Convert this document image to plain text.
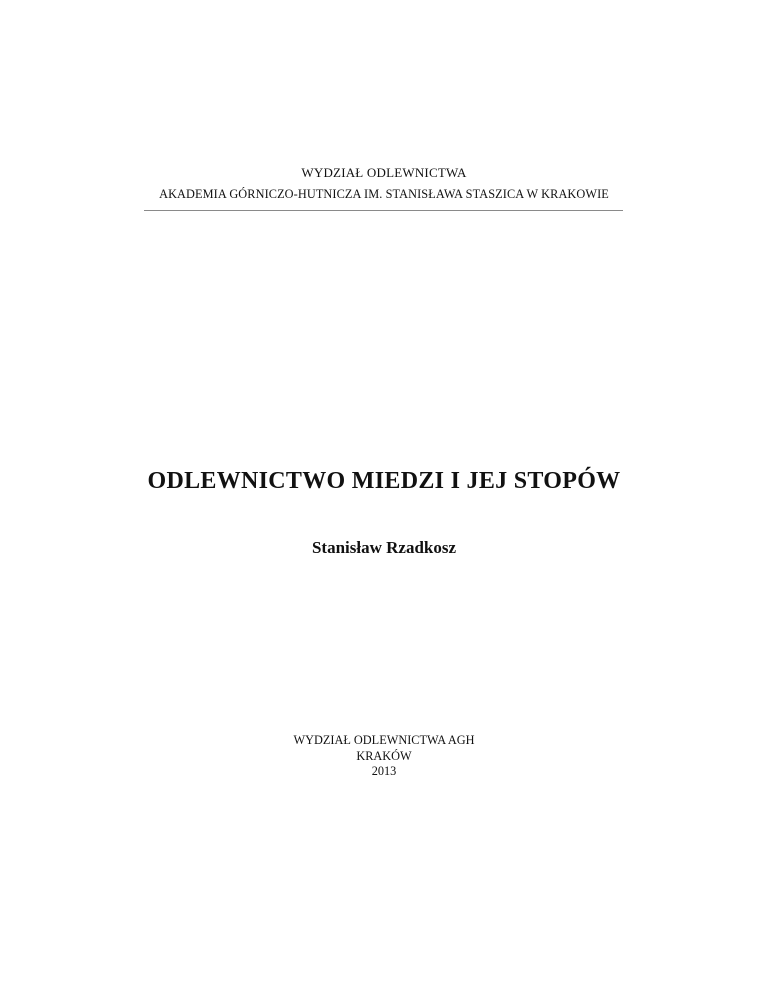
WYDZIAŁ ODLEWNICTWA
AKADEMIA GÓRNICZO-HUTNICZA IM. STANISŁAWA STASZICA W KRAKOWIE
ODLEWNICTWO MIEDZI I JEJ STOPÓW
Stanisław Rzadkosz
WYDZIAŁ ODLEWNICTWA AGH
KRAKÓW
2013
